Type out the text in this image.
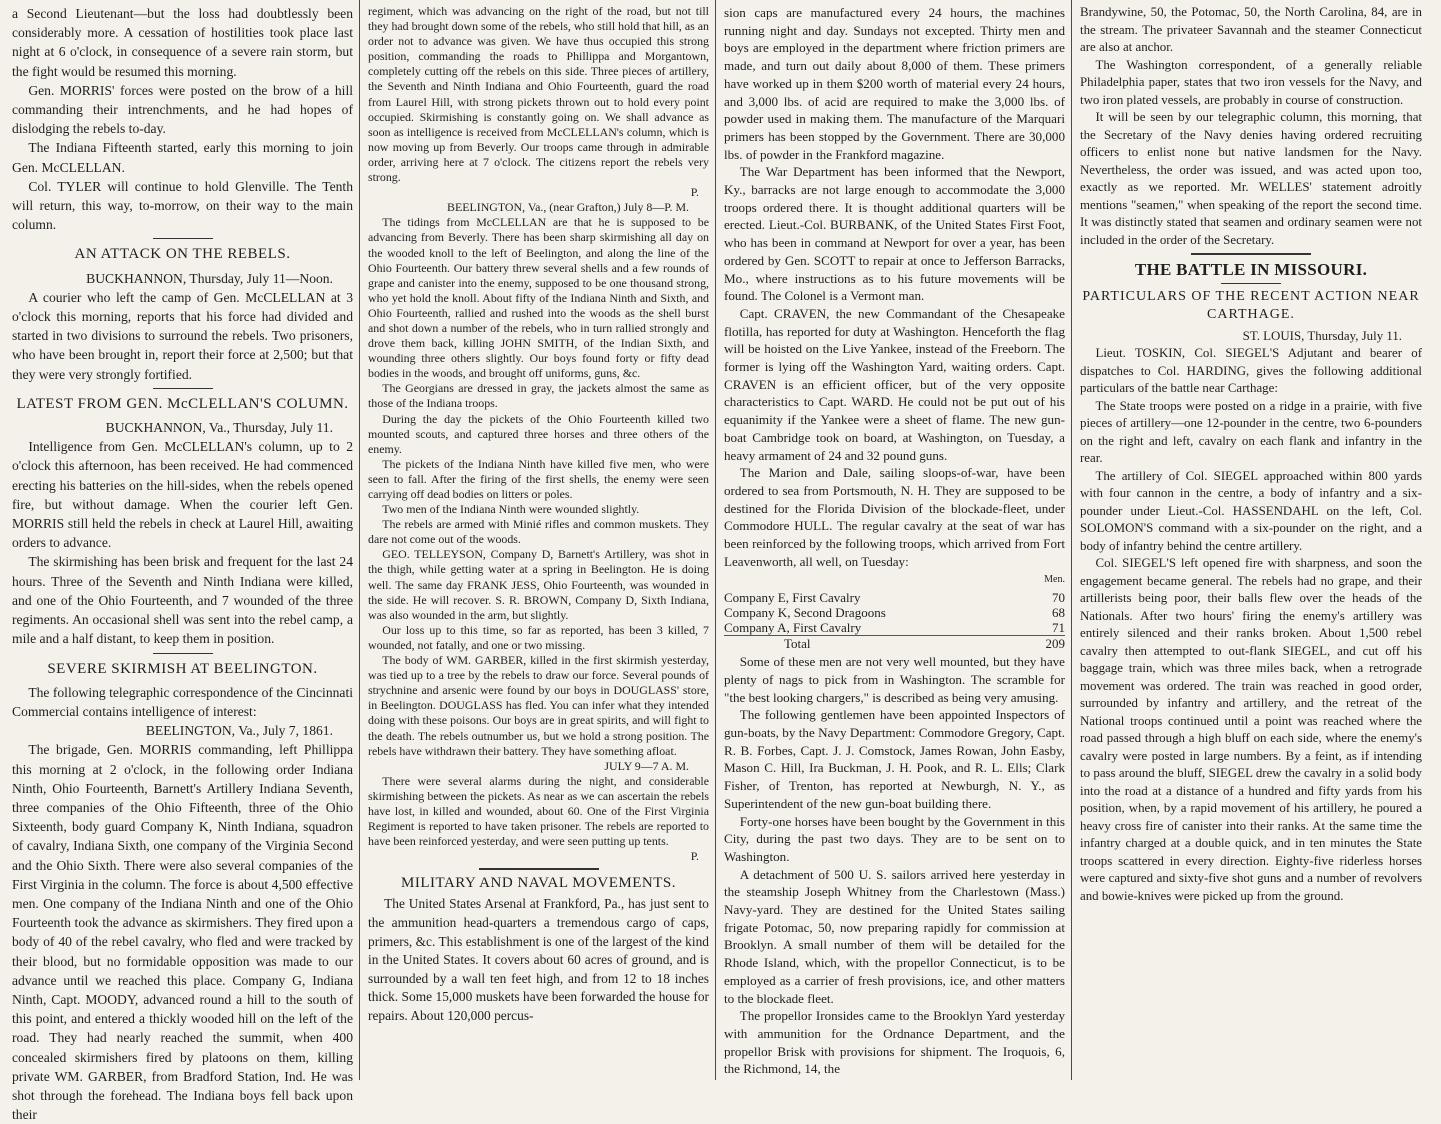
a Second Lieutenant—but the loss had doubtlessly been considerably more. A cessation of hostilities took place last night at 6 o'clock, in consequence of a severe rain storm, but the fight would be resumed this morning.

Gen. MORRIS' forces were posted on the brow of a hill commanding their intrenchments, and he had hopes of dislodging the rebels to-day.

The Indiana Fifteenth started, early this morning to join Gen. McCLELLAN.

Col. TYLER will continue to hold Glenville. The Tenth will return, this way, to-morrow, on their way to the main column.

AN ATTACK ON THE REBELS.

BUCKHANNON, Thursday, July 11—Noon.

A courier who left the camp of Gen. McCLELLAN at 3 o'clock this morning, reports that his force had divided and started in two divisions to surround the rebels. Two prisoners, who have been brought in, report their force at 2,500; but that they were very strongly fortified.

LATEST FROM GEN. McCLELLAN'S COLUMN.

BUCKHANNON, Va., Thursday, July 11.

Intelligence from Gen. McCLELLAN's column, up to 2 o'clock this afternoon, has been received. He had commenced erecting his batteries on the hill-sides, when the rebels opened fire, but without damage. When the courier left Gen. MORRIS still held the rebels in check at Laurel Hill, awaiting orders to advance.

The skirmishing has been brisk and frequent for the last 24 hours. Three of the Seventh and Ninth Indiana were killed, and one of the Ohio Fourteenth, and 7 wounded of the three regiments. An occasional shell was sent into the rebel camp, a mile and a half distant, to keep them in position.

SEVERE SKIRMISH AT BEELINGTON.

The following telegraphic correspondence of the Cincinnati Commercial contains intelligence of interest:

BEELINGTON, Va., July 7, 1861.

The brigade, Gen. MORRIS commanding, left Phillippa this morning at 2 o'clock, in the following order Indiana Ninth, Ohio Fourteenth, Barnett's Artillery Indiana Seventh, three companies of the Ohio Fifteenth, three of the Ohio Sixteenth, body guard Company K, Ninth Indiana, squadron of cavalry, Indiana Sixth, one company of the Virginia Second and the Ohio Sixth. There were also several companies of the First Virginia in the column. The force is about 4,500 effective men. One company of the Indiana Ninth and one of the Ohio Fourteenth took the advance as skirmishers. They fired upon a body of 40 of the rebel cavalry, who fled and were tracked by their blood, but no formidable opposition was made to our advance until we reached this place. Company G, Indiana Ninth, Capt. MOODY, advanced round a hill to the south of this point, and entered a thickly wooded hill on the left of the road. They had nearly reached the summit, when 400 concealed skirmishers fired by platoons on them, killing private WM. GARBER, from Bradford Station, Ind. He was shot through the forehead. The Indiana boys fell back upon their

regiment, which was advancing on the right of the road, but not till they had brought down some of the rebels, who still hold that hill, as an order not to advance was given. We have thus occupied this strong position, commanding the roads to Phillippa and Morgantown, completely cutting off the rebels on this side. Three pieces of artillery, the Seventh and Ninth Indiana and Ohio Fourteenth, guard the road from Laurel Hill, with strong pickets thrown out to hold every point occupied. Skirmishing is constantly going on. We shall advance as soon as intelligence is received from McCLELLAN's column, which is now moving up from Beverly. Our troops came through in admirable order, arriving here at 7 o'clock. The citizens report the rebels very strong.

P.

BEELINGTON, Va., (near Grafton,) July 8—P. M.

The tidings from McCLELLAN are that he is supposed to be advancing from Beverly. There has been sharp skirmishing all day on the wooded knoll to the left of Beelington, and along the line of the Ohio Fourteenth. Our battery threw several shells and a few rounds of grape and canister into the enemy, supposed to be one thousand strong, who yet hold the knoll. About fifty of the Indiana Ninth and Sixth, and Ohio Fourteenth, rallied and rushed into the woods as the shell burst and shot down a number of the rebels, who in turn rallied strongly and drove them back, killing JOHN SMITH, of the Indian Sixth, and wounding three others slightly. Our boys found forty or fifty dead bodies in the woods, and brought off uniforms, guns, &c.

The Georgians are dressed in gray, the jackets almost the same as those of the Indiana troops.

During the day the pickets of the Ohio Fourteenth killed two mounted scouts, and captured three horses and three others of the enemy.

The pickets of the Indiana Ninth have killed five men, who were seen to fall. After the firing of the first shells, the enemy were seen carrying off dead bodies on litters or poles.

Two men of the Indiana Ninth were wounded slightly.

The rebels are armed with Minié rifles and common muskets. They dare not come out of the woods.

GEO. TELLEYSON, Company D, Barnett's Artillery, was shot in the thigh, while getting water at a spring in Beelington. He is doing well. The same day FRANK JESS, Ohio Fourteenth, was wounded in the side. He will recover. S. R. BROWN, Company D, Sixth Indiana, was also wounded in the arm, but slightly.

Our loss up to this time, so far as reported, has been 3 killed, 7 wounded, not fatally, and one or two missing.

The body of WM. GARBER, killed in the first skirmish yesterday, was tied up to a tree by the rebels to draw our force. Several pounds of strychnine and arsenic were found by our boys in DOUGLASS' store, in Beelington. DOUGLASS has fled. You can infer what they intended doing with these poisons. Our boys are in great spirits, and will fight to the death. The rebels outnumber us, but we hold a strong position. The rebels have withdrawn their battery. They have something afloat.

JULY 9—7 A. M.

There were several alarms during the night, and considerable skirmishing between the pickets. As near as we can ascertain the rebels have lost, in killed and wounded, about 60. One of the First Virginia Regiment is reported to have taken prisoner. The rebels are reported to have been reinforced yesterday, and were seen putting up tents.

P.

MILITARY AND NAVAL MOVEMENTS.

The United States Arsenal at Frankford, Pa., has just sent to the ammunition head-quarters a tremendous cargo of caps, primers, &c. This establishment is one of the largest of the kind in the United States. It covers about 60 acres of ground, and is surrounded by a wall ten feet high, and from 12 to 18 inches thick. Some 15,000 muskets have been forwarded the house for repairs. About 120,000 percus-

sion caps are manufactured every 24 hours, the machines running night and day. Sundays not excepted. Thirty men and boys are employed in the department where friction primers are made, and turn out daily about 8,000 of them. These primers have worked up in them $200 worth of material every 24 hours, and 3,000 lbs. of acid are required to make the 3,000 lbs. of powder used in making them. The manufacture of the Marquari primers has been stopped by the Government. There are 30,000 lbs. of powder in the Frankford magazine.

The War Department has been informed that the Newport, Ky., barracks are not large enough to accommodate the 3,000 troops ordered there. It is thought additional quarters will be erected. Lieut.-Col. BURBANK, of the United States First Foot, who has been in command at Newport for over a year, has been ordered by Gen. SCOTT to repair at once to Jefferson Barracks, Mo., where instructions as to his future movements will be found. The Colonel is a Vermont man.

Capt. CRAVEN, the new Commandant of the Chesapeake flotilla, has reported for duty at Washington. Henceforth the flag will be hoisted on the Live Yankee, instead of the Freeborn. The former is lying off the Washington Yard, waiting orders. Capt. CRAVEN is an efficient officer, but of the very opposite characteristics to Capt. WARD. He could not be put out of his equanimity if the Yankee were a sheet of flame. The new gun-boat Cambridge took on board, at Washington, on Tuesday, a heavy armament of 24 and 32 pound guns.

The Marion and Dale, sailing sloops-of-war, have been ordered to sea from Portsmouth, N. H. They are supposed to be destined for the Florida Division of the blockade-fleet, under Commodore HULL. The regular cavalry at the seat of war has been reinforced by the following troops, which arrived from Fort Leavenworth, all well, on Tuesday:

Men.
Company E, First Cavalry	70
Company K, Second Dragoons	68
Company A, First Cavalry	71
Total	209

Some of these men are not very well mounted, but they have plenty of nags to pick from in Washington. The scramble for "the best looking chargers," is described as being very amusing.

The following gentlemen have been appointed Inspectors of gun-boats, by the Navy Department: Commodore Gregory, Capt. R. B. Forbes, Capt. J. J. Comstock, James Rowan, John Easby, Mason C. Hill, Ira Buckman, J. H. Pook, and R. L. Ells; Clark Fisher, of Trenton, has reported at Newburgh, N. Y., as Superintendent of the new gun-boat building there.

Forty-one horses have been bought by the Government in this City, during the past two days. They are to be sent on to Washington.

A detachment of 500 U. S. sailors arrived here yesterday in the steamship Joseph Whitney from the Charlestown (Mass.) Navy-yard. They are destined for the United States sailing frigate Potomac, 50, now preparing rapidly for commission at Brooklyn. A small number of them will be detailed for the Rhode Island, which, with the propellor Connecticut, is to be employed as a carrier of fresh provisions, ice, and other matters to the blockade fleet.

The propellor Ironsides came to the Brooklyn Yard yesterday with ammunition for the Ordnance Department, and the propellor Brisk with provisions for shipment. The Iroquois, 6, the Richmond, 14, the

Brandywine, 50, the Potomac, 50, the North Carolina, 84, are in the stream. The privateer Savannah and the steamer Connecticut are also at anchor.

The Washington correspondent, of a generally reliable Philadelphia paper, states that two iron vessels for the Navy, and two iron plated vessels, are probably in course of construction.

It will be seen by our telegraphic column, this morning, that the Secretary of the Navy denies having ordered recruiting officers to enlist none but native landsmen for the Navy. Nevertheless, the order was issued, and was acted upon too, exactly as we reported. Mr. WELLES' statement adroitly mentions "seamen," when speaking of the report the second time. It was distinctly stated that seamen and ordinary seamen were not included in the order of the Secretary.

THE BATTLE IN MISSOURI.
PARTICULARS OF THE RECENT ACTION NEAR CARTHAGE.

ST. LOUIS, Thursday, July 11.

Lieut. TOSKIN, Col. SIEGEL'S Adjutant and bearer of dispatches to Col. HARDING, gives the following additional particulars of the battle near Carthage:

The State troops were posted on a ridge in a prairie, with five pieces of artillery—one 12-pounder in the centre, two 6-pounders on the right and left, cavalry on each flank and infantry in the rear.

The artillery of Col. SIEGEL approached within 800 yards with four cannon in the centre, a body of infantry and a six-pounder under Lieut.-Col. HASSENDAHL on the left, Col. SOLOMON'S command with a six-pounder on the right, and a body of infantry behind the centre artillery.

Col. SIEGEL'S left opened fire with sharpness, and soon the engagement became general. The rebels had no grape, and their artillerists being poor, their balls flew over the heads of the Nationals. After two hours' firing the enemy's artillery was entirely silenced and their ranks broken. About 1,500 rebel cavalry then attempted to out-flank SIEGEL, and cut off his baggage train, which was three miles back, when a retrograde movement was ordered. The train was reached in good order, surrounded by infantry and artillery, and the retreat of the National troops continued until a point was reached where the road passed through a high bluff on each side, where the enemy's cavalry were posted in large numbers. By a feint, as if intending to pass around the bluff, SIEGEL drew the cavalry in a solid body into the road at a distance of a hundred and fifty yards from his position, when, by a rapid movement of his artillery, he poured a heavy cross fire of canister into their ranks. At the same time the infantry charged at a double quick, and in ten minutes the State troops scattered in every direction. Eighty-five riderless horses were captured and sixty-five shot guns and a number of revolvers and bowie-knives were picked up from the ground.
